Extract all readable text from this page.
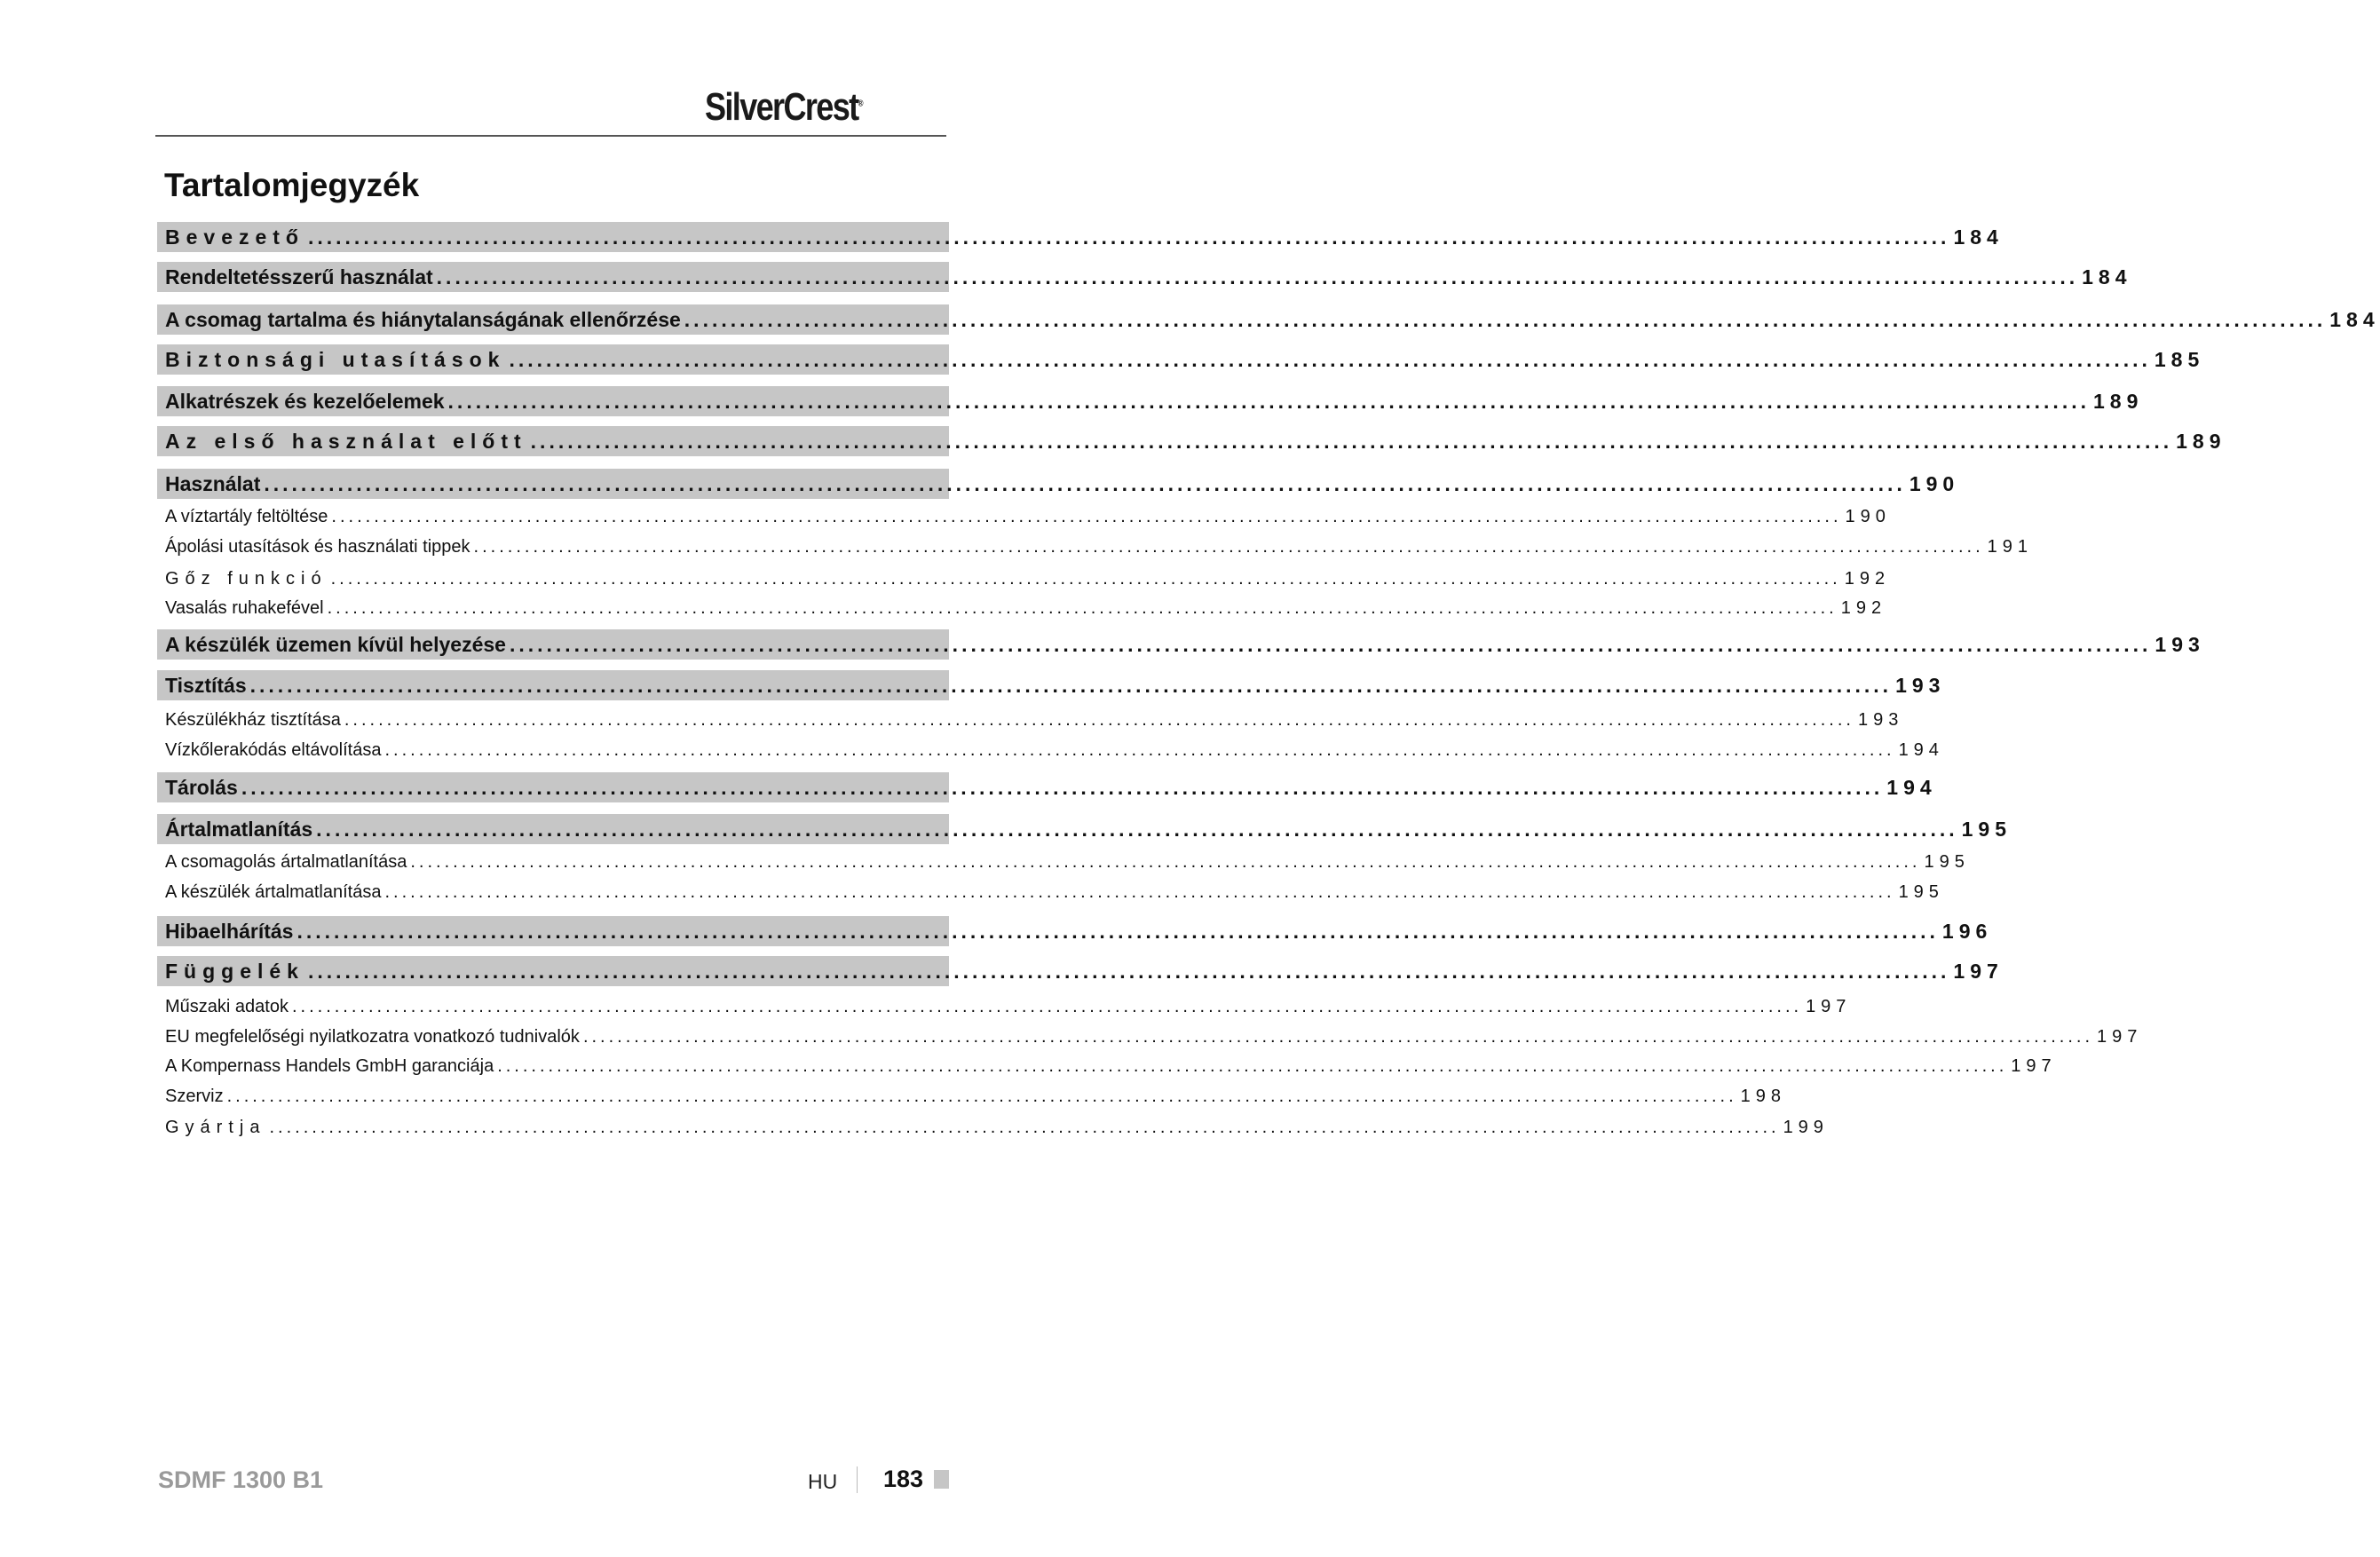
SilverCrest®
Tartalomjegyzék
Bevezető .....	184
Rendeltetésszerű használat .....	184
A csomag tartalma és hiánytalanságának ellenőrzése .....	184
Biztonsági utasítások .....	185
Alkatrészek és kezelőelemek .....	189
Az első használat előtt .....	189
Használat .....	190
A víztartály feltöltése .....	190
Ápolási utasítások és használati tippek .....	191
Gőz funkció .....	192
Vasalás ruhakefével .....	192
A készülék üzemen kívül helyezése .....	193
Tisztítás .....	193
Készülékház tisztítása .....	193
Vízkőlerakódás eltávolítása .....	194
Tárolás .....	194
Ártalmatlanítás .....	195
A csomagolás ártalmatlanítása .....	195
A készülék ártalmatlanítása .....	195
Hibaelhárítás .....	196
Függelék .....	197
Műszaki adatok .....	197
EU megfelelőségi nyilatkozatra vonatkozó tudnivalók .....	197
A Kompernass Handels GmbH garanciája .....	197
Szerviz .....	198
Gyártja .....	199
SDMF 1300 B1	HU 183
